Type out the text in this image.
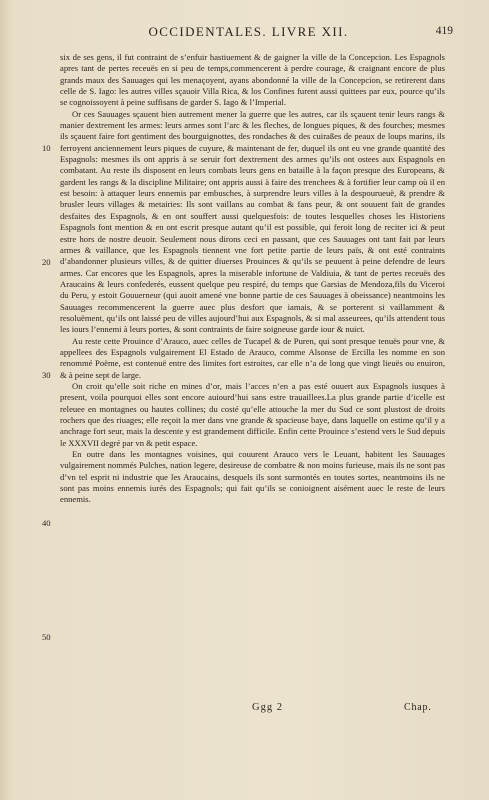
OCCIDENTALES. LIVRE XII.	419
10
20
30
40
50

six de ses gens, il fut contraint de s’enfuir hastiuement & de gaigner la ville de la Concepcion. Les Espagnols apres tant de pertes receuës en si peu de temps,commencerent à perdre courage, & craignant encore de plus grands maux des Sauuages qui les menaçoyent, ayans abondonné la ville de la Concepcion, se retirerent dans celle de S. Iago: les autres villes sçauoir Villa Rica, & los Confines furent aussi quittees par eux, pource qu’ils se cognoissoyent à peine suffisans de garder S. Iago & l’Imperial.

Or ces Sauuages sçauent bien autrement mener la guerre que les autres, car ils sçauent tenir leurs rangs & manier dextrement les armes: leurs armes sont l’arc & les fleches, de longues piques, & des fourches; mesmes ils sçauent faire fort gentiment des bourguignottes, des rondaches & des cuiraßes de peaux de loups marins, ils ferroyent anciennement leurs piques de cuyure, & maintenant de fer, duquel ils ont eu vne grande quantité des Espagnols: mesmes ils ont appris à se seruir fort dextrement des armes qu’ils ont ostees aux Espagnols en combatant. Au reste ils disposent en leurs combats leurs gens en bataille à la façon presque des Europeans, & gardent les rangs & la discipline Militaire; ont appris aussi à faire des trenchees & à fortifier leur camp où il en est besoin: à attaquer leurs ennemis par embusches, à surprendre leurs villes à la despourueuë, & prendre & brusler leurs villages & metairies: Ils sont vaillans au combat & fans peur, & ont souuent fait de grandes desfaites des Espagnols, & en ont souffert aussi quelquesfois: de toutes lesquelles choses les Historiens Espagnols font mention & en ont escrit presque autant qu’il est possible, qui feroit long de reciter ici & peut estre hors de nostre deuoir. Seulement nous dirons ceci en passant, que ces Sauuages ont tant fait par leurs armes & vaillance, que les Espagnols tiennent vne fort petite partie de leurs païs, & ont esté contraints d’abandonner plusieurs villes, & de quitter diuerses Prouinces & qu’ils se peuuent à peine defendre de leurs armes. Car encores que les Espagnols, apres la miserable infortune de Valdiuia, & tant de pertes receuës des Araucains & leurs confederés, eussent quelque peu respiré, du temps que Garsias de Mendoza,fils du Viceroi du Peru, y estoit Gouuerneur (qui auoit amené vne bonne partie de ces Sauuages à obeissance) neantmoins les Sauuages recommencerent la guerre auec plus desfort que iamais, & se porterent si vaillamment & resoluëment, qu’ils ont laissé peu de villes aujourd’hui aux Espagnols, & si mal asseurees, qu’ils attendent tous les iours l’ennemi à leurs portes, & sont contraints de faire soigneuse garde iour & nuict.

Au reste cette Prouince d’Arauco, auec celles de Tucapel & de Puren, qui sont presque tenuës pour vne, & appellees des Espagnols vulgairement El Estado de Arauco, comme Alsonse de Ercilla les nomme en son renommé Poëme, est contenuë entre des limites fort estroites, car elle n’a de long que vingt lieuës ou enuiron, & à peine sept de large.

On croit qu’elle soit riche en mines d’or, mais l’acces n’en a pas esté ouuert aux Espagnols iusques à present, voila pourquoi elles sont encore auiourd’hui sans estre trauaillees.La plus grande partie d’icelle est releuee en montagnes ou hautes collines; du costé qu’elle attouche la mer du Sud ce sont plustost de droits rochers que des riuages; elle reçoit la mer dans vne grande & spacieuse baye, dans laquelle on estime qu’il y a anchrage fort seur, mais la descente y est grandement difficile. Enfin cette Prouince s’estend vers le Sud depuis le XXXVII degré par vn & petit espace.

En outre dans les montagnes voisines, qui couurent Arauco vers le Leuant, habitent les Sauuages vulgairement nommés Pulches, nation legere, desireuse de combatre & non moins furieuse, mais ils ne sont pas d’vn tel esprit ni industrie que les Araucains, desquels ils sont surmontés en toutes sortes, neantmoins ils ne sont pas moins ennemis iurés des Espagnols; qui fait qu’ils se conioignent aisément auec le reste de leurs ennemis.

Ggg 2	Chap.
